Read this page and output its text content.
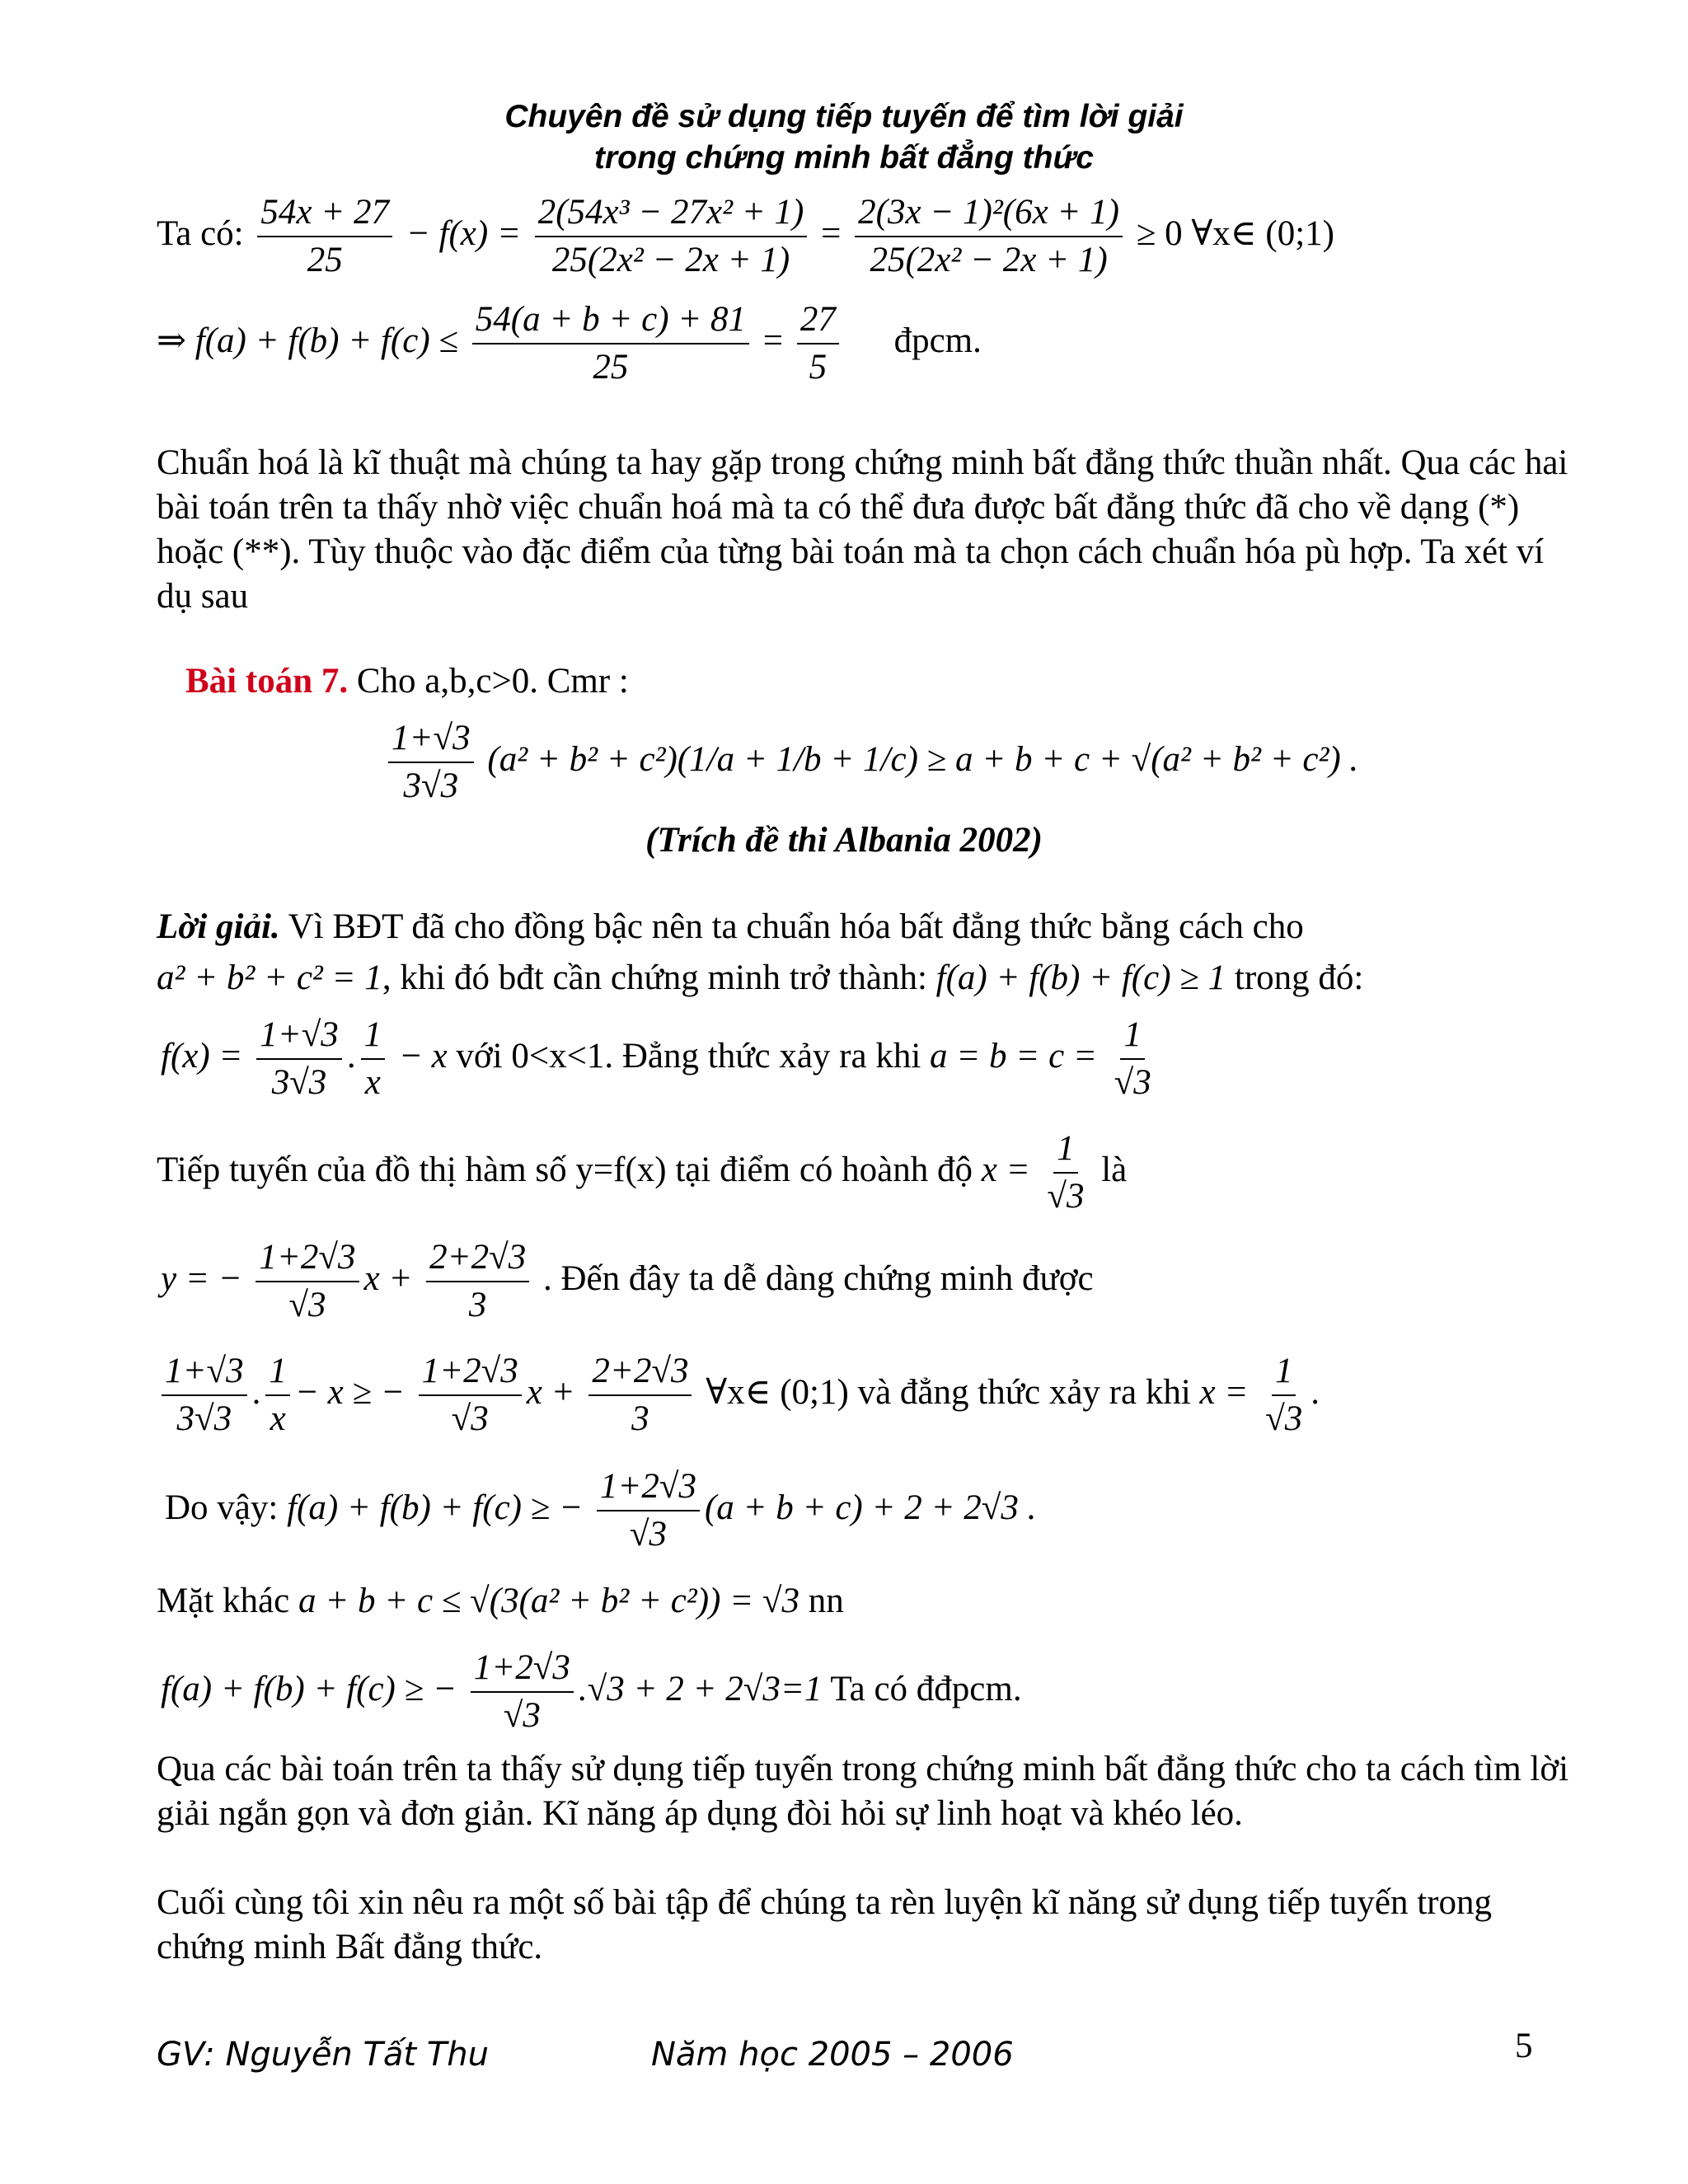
Chuyên đề sử dụng tiếp tuyến để tìm lời giải
trong chứng minh bất đẳng thức
Ta có: $\frac{54x + 27}{25} - f(x) = \frac{\text{2(54x³ − 27x² + 1)}}{\text{25(2x² − 2x + 1)}} = \frac{\text{2(3x − 1)²(6x + 1)}}{\text{25(2x² − 2x + 1)}} \ge 0$ ∀x∈ (0;1)
⇒ $f(a) + f(b) + f(c) \le \frac{54(a + b + c) + 81}{25} = \frac{27}{5}$ đpcm.
Chuẩn hoá là kĩ thuật mà chúng ta hay gặp trong chứng minh bất đẳng thức thuần nhất. Qua các hai bài toán trên ta thấy nhờ việc chuẩn hoá mà ta có thể đưa được bất đẳng thức đã cho về dạng (*) hoặc (**). Tùy thuộc vào đặc điểm của từng bài toán mà ta chọn cách chuẩn hóa pù hợp. Ta xét ví dụ sau
Bài toán 7. Cho a,b,c>0. Cmr :
$\frac{1+√3}{3√3} (a^2 + b^2 + c^2)(1/a + 1/b + 1/c) \ge a + b + c + √(a^2 + b^2 + c^2)$ .
(Trích đề thi Albania 2002)
Lời giải. Vì BĐT đã cho đồng bậc nên ta chuẩn hóa bất đẳng thức bằng cách cho
a² + b² + c² = 1, khi đó bđt cần chứng minh trở thành: f(a) + f(b) + f(c) ≥ 1 trong đó:
$f(x) = \frac{1+√3}{3√3}$ . $\frac{1}{x} - x$ với 0<x<1. Đẳng thức xảy ra khi $a = b = c = \frac{1}{√3}$
Tiếp tuyến của đồ thị hàm số y=f(x) tại điểm có hoành độ $x = \frac{1}{√3}$ là
y = − $\frac{1+2√3}{√3}$ $x + \frac{2+2√3}{3}$ . Đến đây ta dễ dàng chứng minh được
$\frac{1+√3}{3√3}$ . $\frac{1}{x} - x$ ≥ − $\frac{1+2√3}{√3}$ $x + \frac{2+2√3}{3}$ ∀x∈ (0;1) và đẳng thức xảy ra khi $x = \frac{1}{√3}$ .
Do vậy: f(a) + f(b) + f(c) ≥ − $\frac{1+2√3}{√3} (a + b + c) + 2 + 2√3$ .
Mặt khác a + b + c ≤ √(3(a² + b² + c²)) = √3 nn
f(a) + f(b) + f(c) ≥ − $\frac{1+2√3}{√3} .√3 + 2 + 2√3=1$ Ta có đđpcm.
Qua các bài toán trên ta thấy sử dụng tiếp tuyến trong chứng minh bất đẳng thức cho ta cách tìm lời giải ngắn gọn và đơn giản. Kĩ năng áp dụng đòi hỏi sự linh hoạt và khéo léo.
Cuối cùng tôi xin nêu ra một số bài tập để chúng ta rèn luyện kĩ năng sử dụng tiếp tuyến trong chứng minh Bất đẳng thức.
GV: Nguyễn Tất Thu	Năm học 2005 – 2006	5
